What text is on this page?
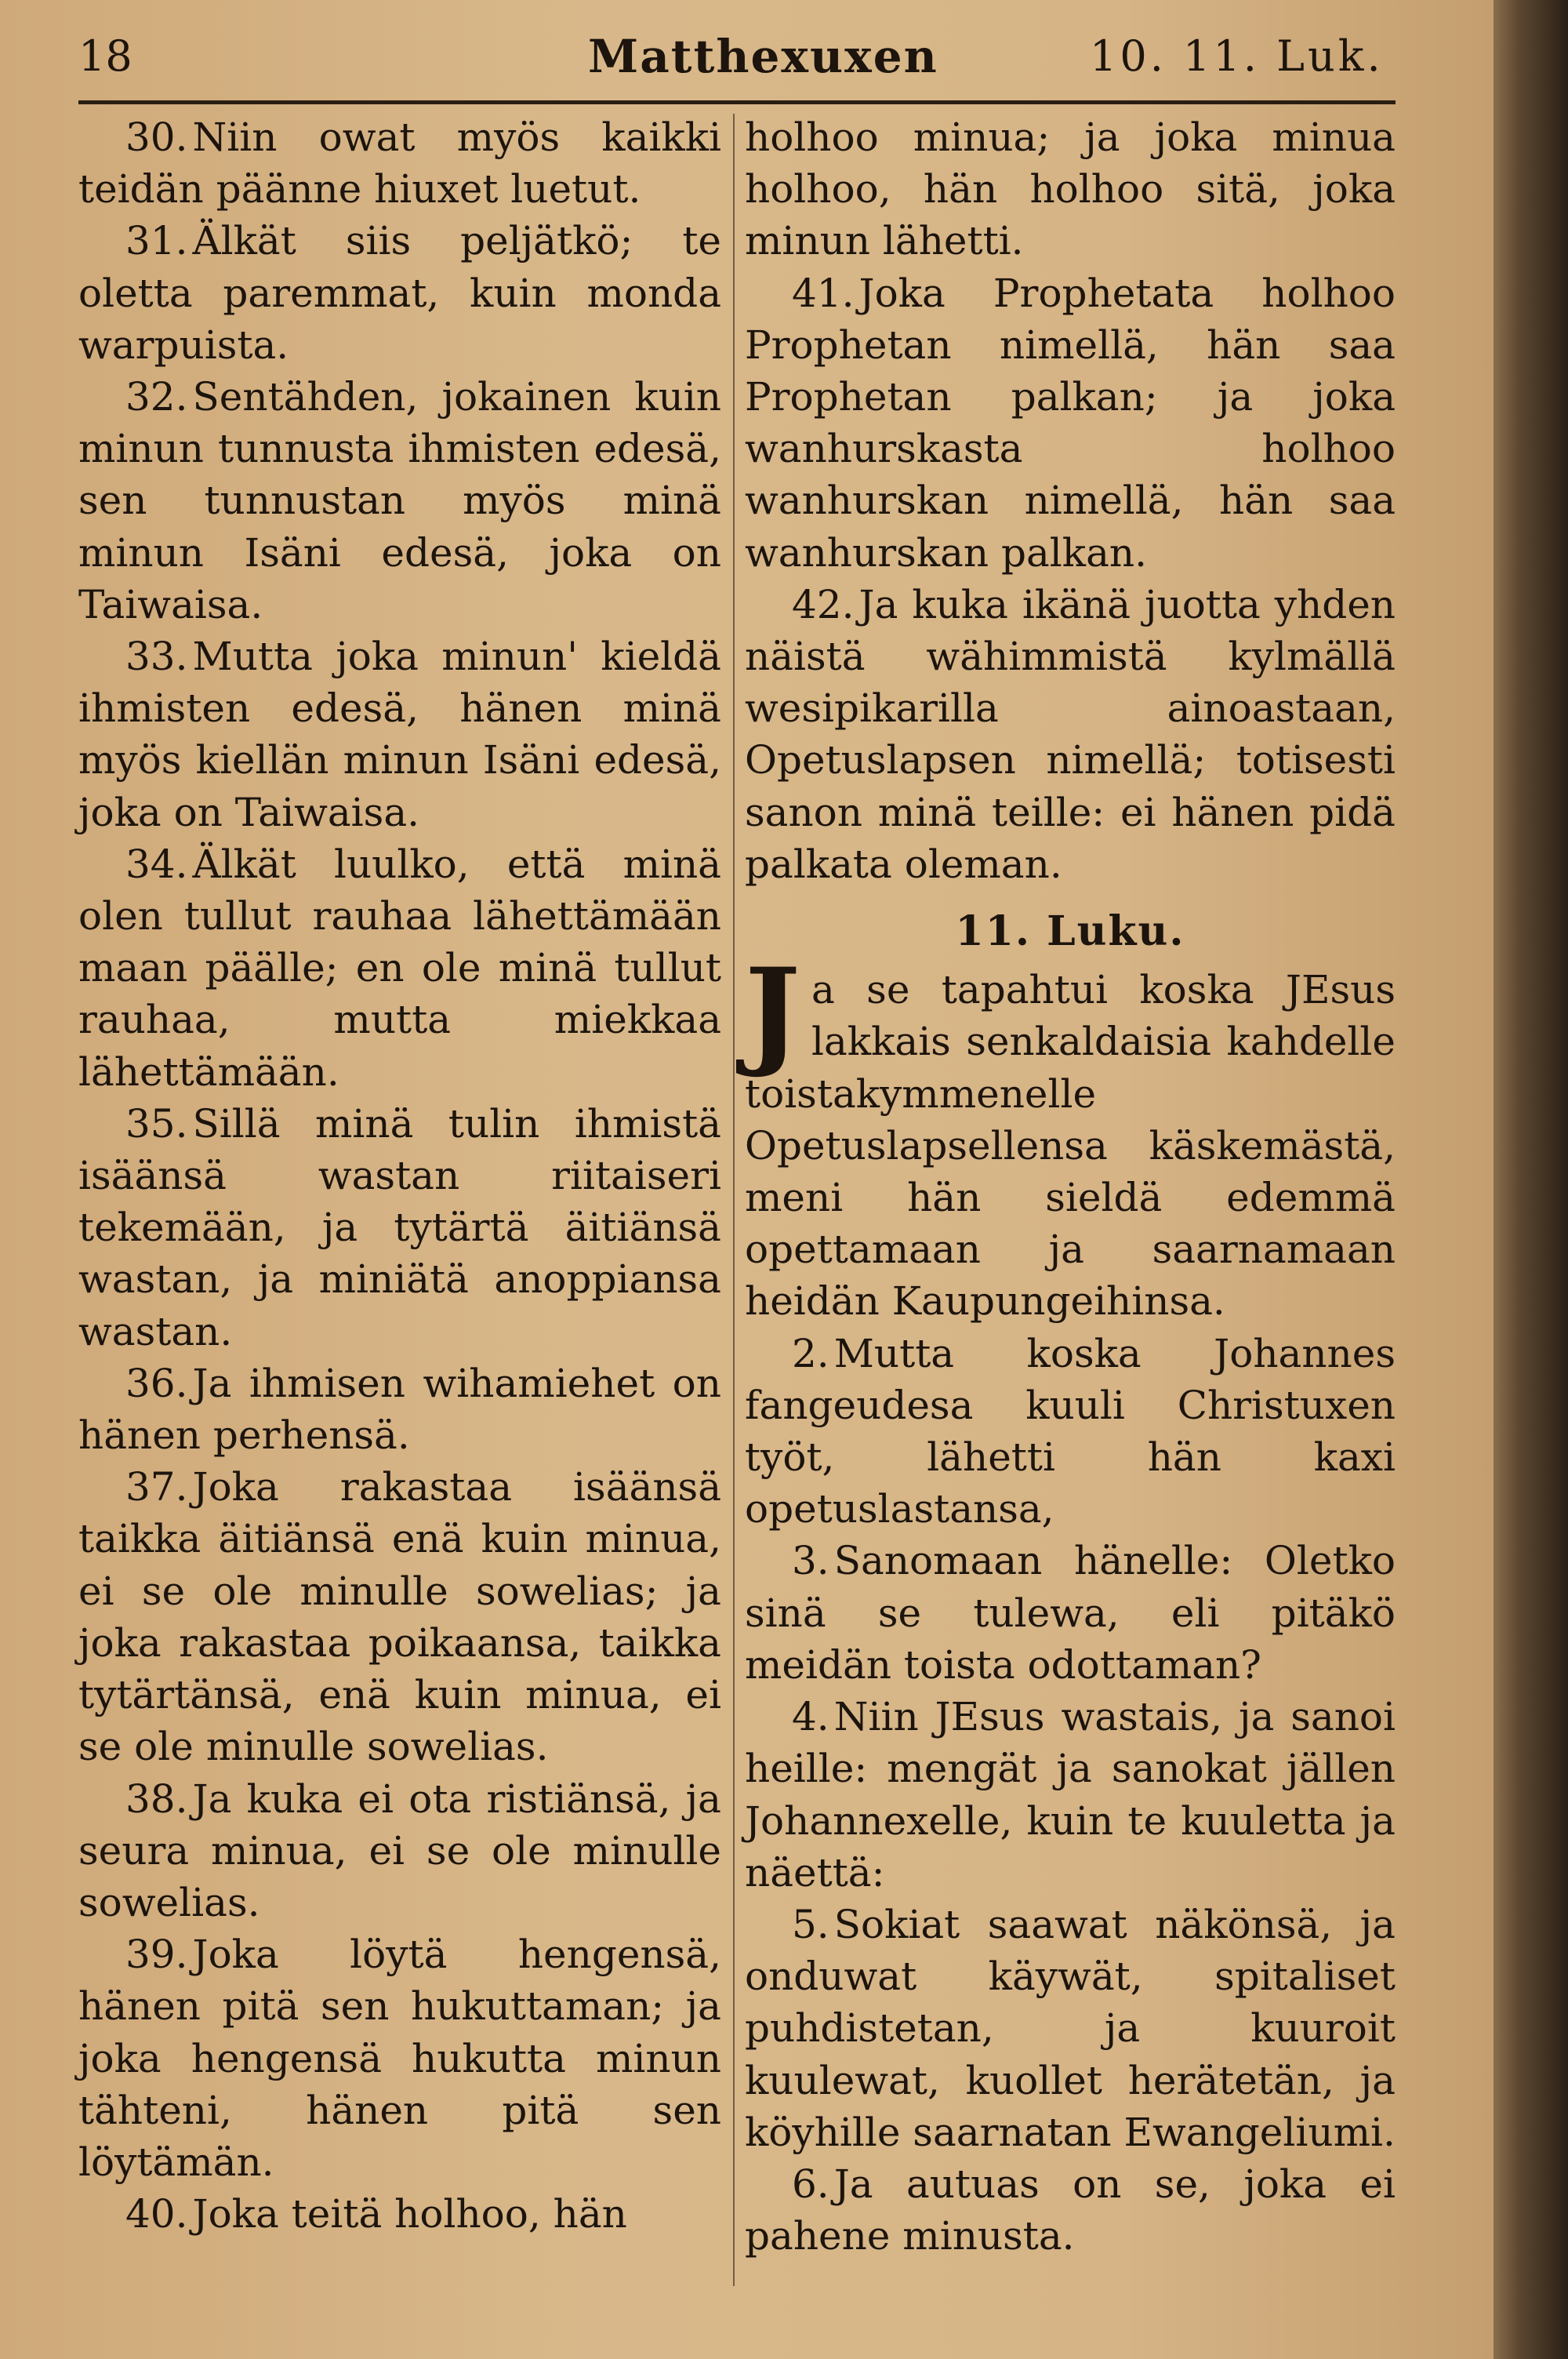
18	Matthexuxen	10. 11. Luk.

30. Niin owat myös kaikki teidän päänne hiuxet luetut.

31. Älkät siis peljätkö; te oletta paremmat, kuin monda warpuista.

32. Sentähden, jokainen kuin minun tunnusta ihmisten edesä, sen tunnustan myös minä minun Isäni edesä, joka on Taiwaisa.

33. Mutta joka minun' kieldä ihmisten edesä, hänen minä myös kiellän minun Isäni edesä, joka on Taiwaisa.

34. Älkät luulko, että minä olen tullut rauhaa lähettämään maan päälle; en ole minä tullut rauhaa, mutta miekkaa lähettämään.

35. Sillä minä tulin ihmistä isäänsä wastan riitaiseri tekemään, ja tytärtä äitiänsä wastan, ja miniätä anoppiansa wastan.

36. Ja ihmisen wihamiehet on hänen perhensä.

37. Joka rakastaa isäänsä taikka äitiänsä enä kuin minua, ei se ole minulle sowelias; ja joka rakastaa poikaansa, taikka tytärtänsä, enä kuin minua, ei se ole minulle sowelias.

38. Ja kuka ei ota ristiänsä, ja seura minua, ei se ole minulle sowelias.

39. Joka löytä hengensä, hänen pitä sen hukuttaman; ja joka hengensä hukutta minun tähteni, hänen pitä sen löytämän.

40. Joka teitä holhoo, hän

holhoo minua; ja joka minua holhoo, hän holhoo sitä, joka minun lähetti.

41. Joka Prophetata holhoo Prophetan nimellä, hän saa Prophetan palkan; ja joka wanhurskasta holhoo wanhurskan nimellä, hän saa wanhurskan palkan.

42. Ja kuka ikänä juotta yhden näistä wähimmistä kylmällä wesipikarilla ainoastaan, Opetuslapsen nimellä; totisesti sanon minä teille: ei hänen pidä palkata oleman.

11. Luku.

Ja se tapahtui koska JEsus lakkais senkaldaisia kahdelle toistakymmenelle Opetuslapsellensa käskemästä, meni hän sieldä edemmä opettamaan ja saarnamaan heidän Kaupungeihinsa.

2. Mutta koska Johannes fangeudesa kuuli Christuxen työt, lähetti hän kaxi opetuslastansa,

3. Sanomaan hänelle: Oletko sinä se tulewa, eli pitäkö meidän toista odottaman?

4. Niin JEsus wastais, ja sanoi heille: mengät ja sanokat jällen Johannexelle, kuin te kuuletta ja näettä:

5. Sokiat saawat näkönsä, ja onduwat käywät, spitaliset puhdistetan, ja kuuroit kuulewat, kuollet herätetän, ja köyhille saarnatan Ewangeliumi.

6. Ja autuas on se, joka ei pahene minusta.
